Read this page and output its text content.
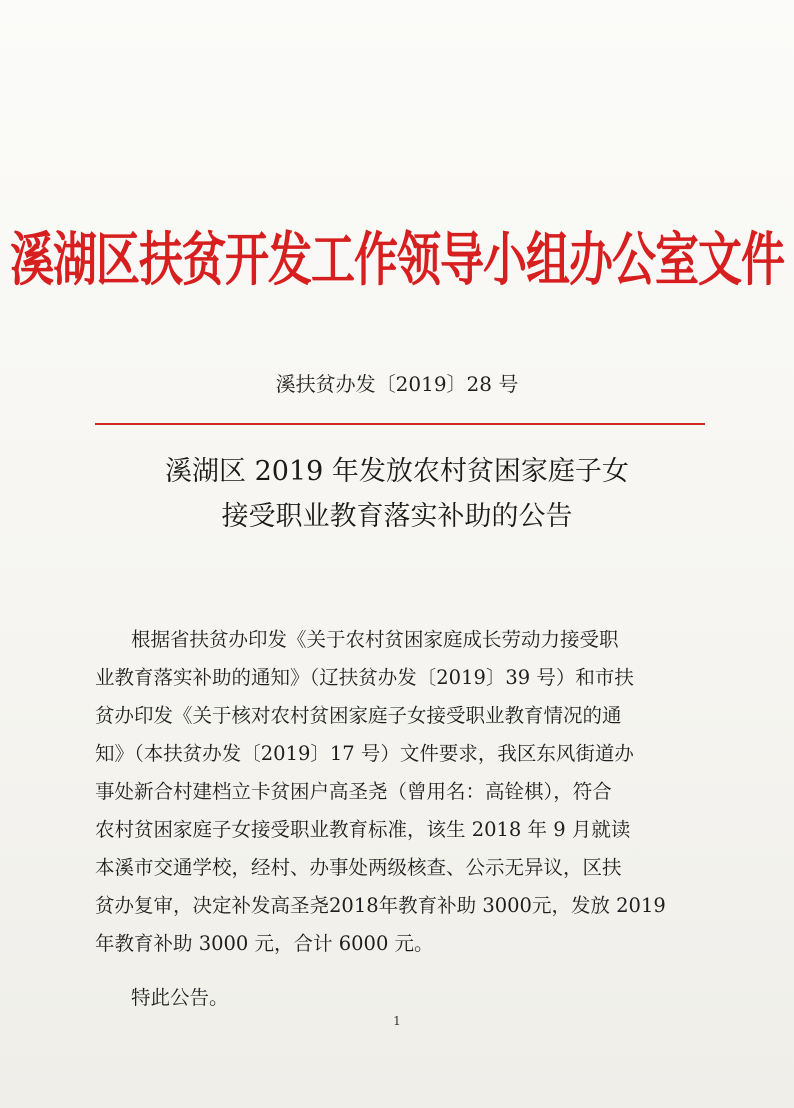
溪湖区扶贫开发工作领导小组办公室文件
溪扶贫办发〔2019〕28 号
溪湖区 2019 年发放农村贫困家庭子女
接受职业教育落实补助的公告
根据省扶贫办印发《关于农村贫困家庭成长劳动力接受职
业教育落实补助的通知》（辽扶贫办发〔2019〕39 号）和市扶
贫办印发《关于核对农村贫困家庭子女接受职业教育情况的通
知》（本扶贫办发〔2019〕17 号）文件要求，我区东风街道办
事处新合村建档立卡贫困户高圣尧（曾用名：高铨棋），符合
农村贫困家庭子女接受职业教育标准，该生 2018 年 9 月就读
本溪市交通学校，经村、办事处两级核查、公示无异议，区扶
贫办复审，决定补发高圣尧2018年教育补助 3000元，发放 2019
年教育补助 3000 元，合计 6000 元。
特此公告。
1
